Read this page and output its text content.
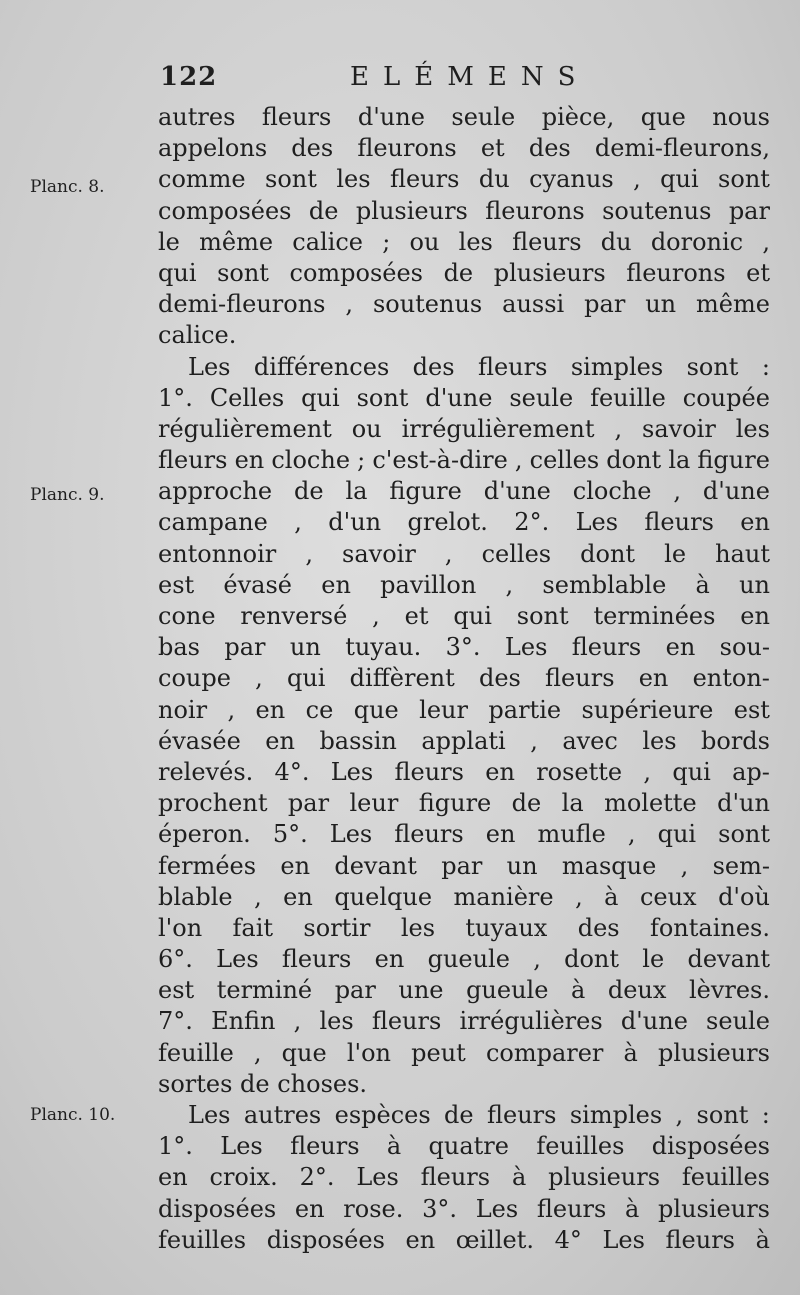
122	ELÉMENS
Planc. 8.
Planc. 9.
Planc. 10.
autres fleurs d'une seule pièce, que nous
appelons des fleurons et des demi-fleurons,
comme sont les fleurs du cyanus , qui sont
composées de plusieurs fleurons soutenus par
le même calice ; ou les fleurs du doronic ,
qui sont composées de plusieurs fleurons et
demi-fleurons , soutenus aussi par un même
calice.
Les différences des fleurs simples sont :
1°. Celles qui sont d'une seule feuille coupée
régulièrement ou irrégulièrement , savoir les
fleurs en cloche ; c'est-à-dire , celles dont la figure
approche de la figure d'une cloche , d'une
campane , d'un grelot. 2°. Les fleurs en
entonnoir , savoir , celles dont le haut
est évasé en pavillon , semblable à un
cone renversé , et qui sont terminées en
bas par un tuyau. 3°. Les fleurs en sou-
coupe , qui diffèrent des fleurs en enton-
noir , en ce que leur partie supérieure est
évasée en bassin applati , avec les bords
relevés. 4°. Les fleurs en rosette , qui ap-
prochent par leur figure de la molette d'un
éperon. 5°. Les fleurs en mufle , qui sont
fermées en devant par un masque , sem-
blable , en quelque manière , à ceux d'où
l'on fait sortir les tuyaux des fontaines.
6°. Les fleurs en gueule , dont le devant
est terminé par une gueule à deux lèvres.
7°. Enfin , les fleurs irrégulières d'une seule
feuille , que l'on peut comparer à plusieurs
sortes de choses.
Les autres espèces de fleurs simples , sont :
1°. Les fleurs à quatre feuilles disposées
en croix. 2°. Les fleurs à plusieurs feuilles
disposées en rose. 3°. Les fleurs à plusieurs
feuilles disposées en œillet. 4° Les fleurs à
